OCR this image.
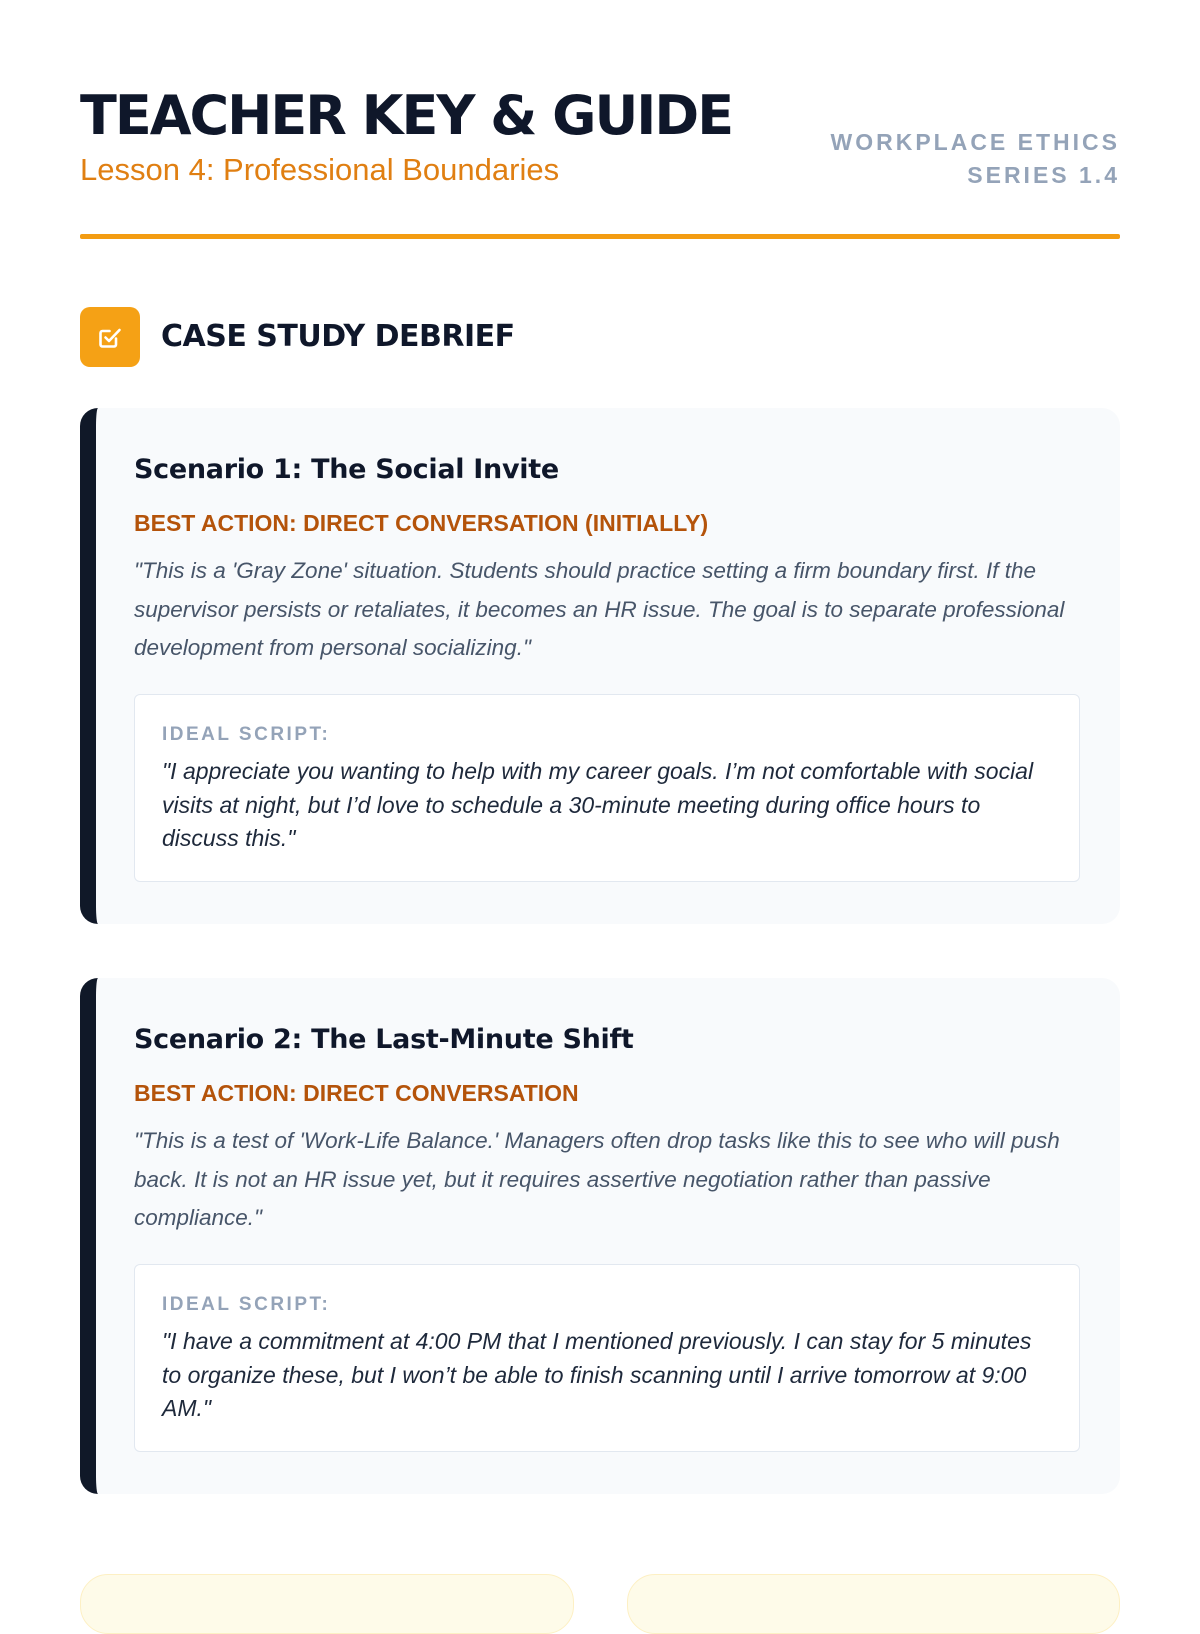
TEACHER KEY & GUIDE
Lesson 4: Professional Boundaries
WORKPLACE ETHICS
SERIES 1.4
CASE STUDY DEBRIEF
Scenario 1: The Social Invite
BEST ACTION: DIRECT CONVERSATION (INITIALLY)

"This is a 'Gray Zone' situation. Students should practice setting a firm boundary first. If the supervisor persists or retaliates, it becomes an HR issue. The goal is to separate professional development from personal socializing."

IDEAL SCRIPT:

"I appreciate you wanting to help with my career goals. I’m not comfortable with social visits at night, but I’d love to schedule a 30-minute meeting during office hours to discuss this."

Scenario 2: The Last-Minute Shift
BEST ACTION: DIRECT CONVERSATION

"This is a test of 'Work-Life Balance.' Managers often drop tasks like this to see who will push back. It is not an HR issue yet, but it requires assertive negotiation rather than passive compliance."

IDEAL SCRIPT:

"I have a commitment at 4:00 PM that I mentioned previously. I can stay for 5 minutes to organize these, but I won’t be able to finish scanning until I arrive tomorrow at 9:00 AM."
